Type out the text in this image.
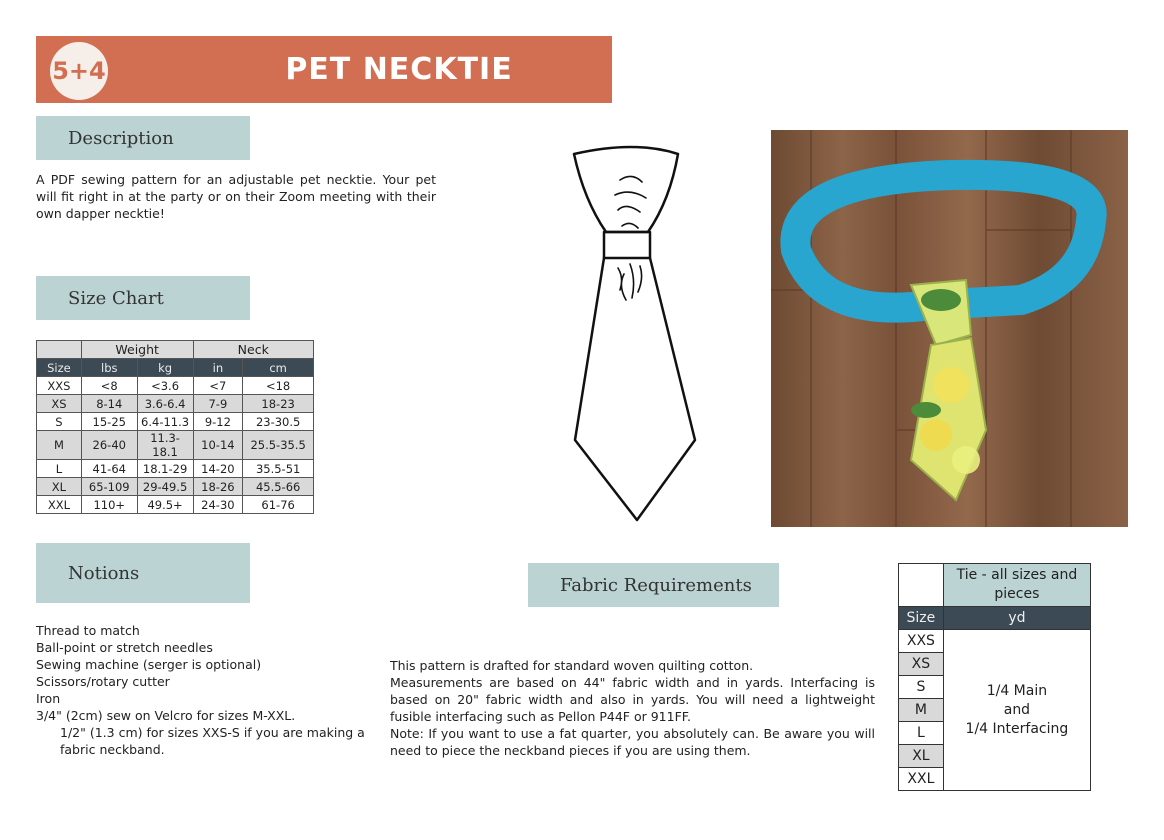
5+4	PET NECKTIE
Description
A PDF sewing pattern for an adjustable pet necktie. Your pet will fit right in at the party or on their Zoom meeting with their own dapper necktie!
Size Chart
	Weight		Neck	
Size	lbs	kg	in	cm
XXS	<8	<3.6	<7	<18
XS	8-14	3.6-6.4	7-9	18-23
S	15-25	6.4-11.3	9-12	23-30.5
M	26-40	11.3-18.1	10-14	25.5-35.5
L	41-64	18.1-29	14-20	35.5-51
XL	65-109	29-49.5	18-26	45.5-66
XXL	110+	49.5+	24-30	61-76
Notions
Thread to match
Ball-point or stretch needles
Sewing machine (serger is optional)
Scissors/rotary cutter
Iron
3/4" (2cm) sew on Velcro for sizes M-XXL.
1/2" (1.3 cm) for sizes XXS-S if you are making a fabric neckband.
Fabric Requirements
This pattern is drafted for standard woven quilting cotton.
Measurements are based on 44" fabric width and in yards. Interfacing is based on 20" fabric width and also in yards. You will need a lightweight fusible interfacing such as Pellon P44F or 911FF.
Note: If you want to use a fat quarter, you absolutely can. Be aware you will need to piece the neckband pieces if you are using them.
	Tie - all sizes and pieces
Size	yd
XXS	1/4 Main
and
1/4 Interfacing

XS	
S	
M	
L	
XL	
XXL	
